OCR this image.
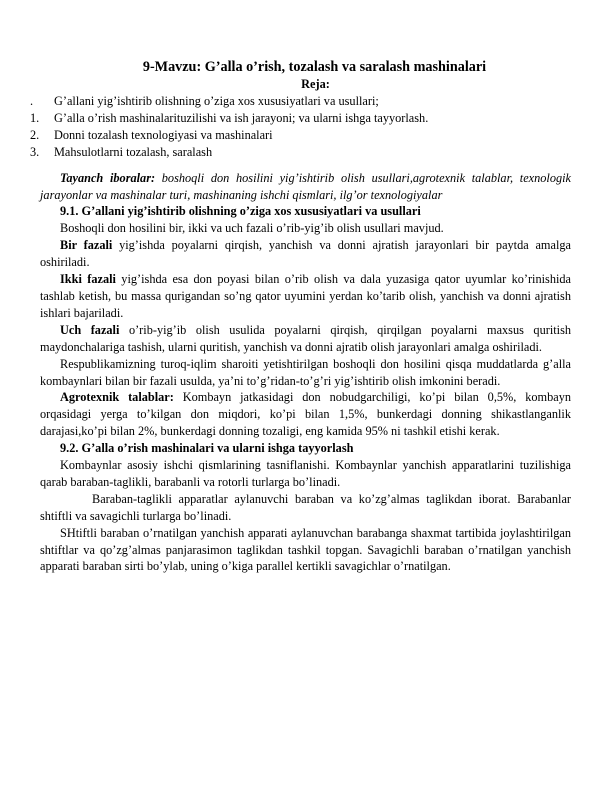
9-Mavzu: G’alla o’rish, tozalash va saralash mashinalari
Reja:
. G’allani yig’ishtirib olishning o’ziga xos xususiyatlari va usullari;
1. G’alla o’rish mashinalarituzilishi va ish jarayoni; va ularni ishga tayyorlash.
2. Donni tozalash texnologiyasi va mashinalari
3. Mahsulotlarni tozalash, saralash

Tayanch iboralar: boshoqli don hosilini yig’ishtirib olish usullari,agrotexnik talablar, texnologik jarayonlar va mashinalar turi, mashinaning ishchi qismlari, ilg’or texnologiyalar

9.1. G’allani yig’ishtirib olishning o’ziga xos xususiyatlari va usullari

Boshoqli don hosilini bir, ikki va uch fazali o’rib-yig’ib olish usullari mavjud.

Bir fazali yig’ishda poyalarni qirqish, yanchish va donni ajratish jarayonlari bir paytda amalga oshiriladi.

Ikki fazali yig’ishda esa don poyasi bilan o’rib olish va dala yuzasiga qator uyumlar ko’rinishida tashlab ketish, bu massa qurigandan so’ng qator uyumini yerdan ko’tarib olish, yanchish va donni ajratish ishlari bajariladi.

Uch fazali o’rib-yig’ib olish usulida poyalarni qirqish, qirqilgan poyalarni maxsus quritish maydonchalariga tashish, ularni quritish, yanchish va donni ajratib olish jarayonlari amalga oshiriladi.

Respublikamizning turoq-iqlim sharoiti yetishtirilgan boshoqli don hosilini qisqa muddatlarda g’alla kombaynlari bilan bir fazali usulda, ya’ni to’g’ridan-to’g’ri yig’ishtirib olish imkonini beradi.

Agrotexnik talablar: Kombayn jatkasidagi don nobudgarchiligi, ko’pi bilan 0,5%, kombayn orqasidagi yerga to’kilgan don miqdori, ko’pi bilan 1,5%, bunkerdagi donning shikastlanganlik darajasi,ko’pi bilan 2%, bunkerdagi donning tozaligi, eng kamida 95% ni tashkil etishi kerak.

9.2. G’alla o’rish mashinalari va ularni ishga tayyorlash

Kombaynlar asosiy ishchi qismlarining tasniflanishi. Kombaynlar yanchish apparatlarini tuzilishiga qarab baraban-taglikli, barabanli va rotorli turlarga bo’linadi.

Baraban-taglikli apparatlar aylanuvchi baraban va ko’zg’almas taglikdan iborat. Barabanlar shtiftli va savagichli turlarga bo’linadi.

SHtiftli baraban o’rnatilgan yanchish apparati aylanuvchan barabanga shaxmat tartibida joylashtirilgan shtiftlar va qo’zg’almas panjarasimon taglikdan tashkil topgan. Savagichli baraban o’rnatilgan yanchish apparati baraban sirti bo’ylab, uning o’kiga parallel kertikli savagichlar o’rnatilgan.
